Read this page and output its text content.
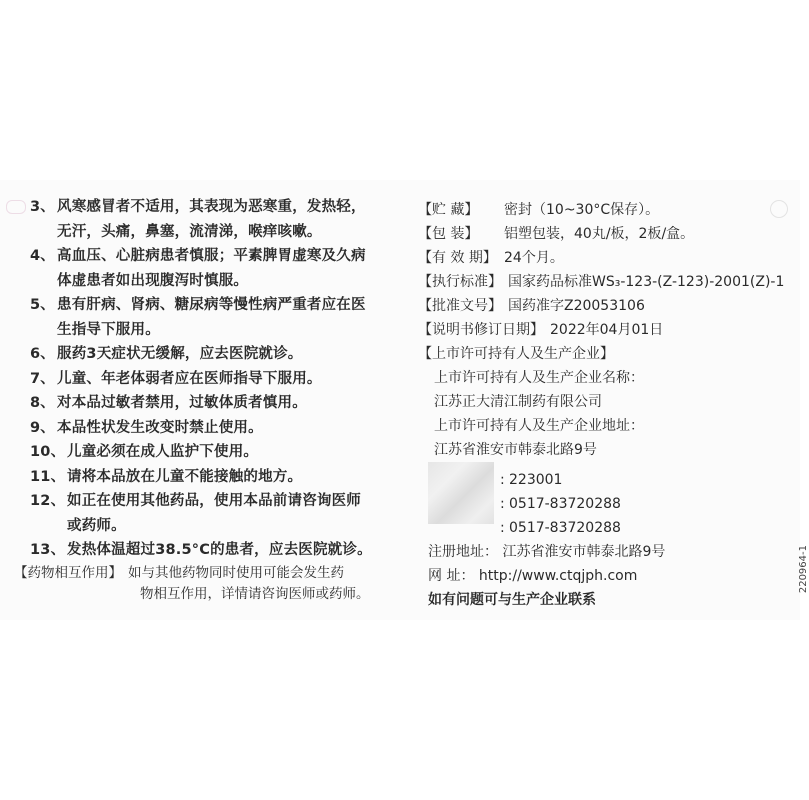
3、 风寒感冒者不适用，其表现为恶寒重，发热轻，
无汗，头痛，鼻塞，流清涕，喉痒咳嗽。
4、 高血压、心脏病患者慎服；平素脾胃虚寒及久病
体虚患者如出现腹泻时慎服。
5、 患有肝病、肾病、糖尿病等慢性病严重者应在医
生指导下服用。
6、 服药3天症状无缓解，应去医院就诊。
7、 儿童、年老体弱者应在医师指导下服用。
8、 对本品过敏者禁用，过敏体质者慎用。
9、 本品性状发生改变时禁止使用。
10、 儿童必须在成人监护下使用。
11、 请将本品放在儿童不能接触的地方。
12、 如正在使用其他药品，使用本品前请咨询医师
或药师。
13、 发热体温超过38.5°C的患者，应去医院就诊。
【药物相互作用】 如与其他药物同时使用可能会发生药
物相互作用，详情请咨询医师或药师。
【贮 藏】 密封（10~30°C保存）。
【包 装】 铝塑包装，40丸/板，2板/盒。
【有 效 期】 24个月。
【执行标准】 国家药品标准WS₃-123-(Z-123)-2001(Z)-1
【批准文号】 国药准字Z20053106
【说明书修订日期】 2022年04月01日
【上市许可持有人及生产企业】
上市许可持有人及生产企业名称：
江苏正大清江制药有限公司
上市许可持有人及生产企业地址：
江苏省淮安市韩泰北路9号
: 223001
: 0517-83720288
: 0517-83720288
注册地址： 江苏省淮安市韩泰北路9号
网 址： http://www.ctqjph.com
如有问题可与生产企业联系
220964-1
